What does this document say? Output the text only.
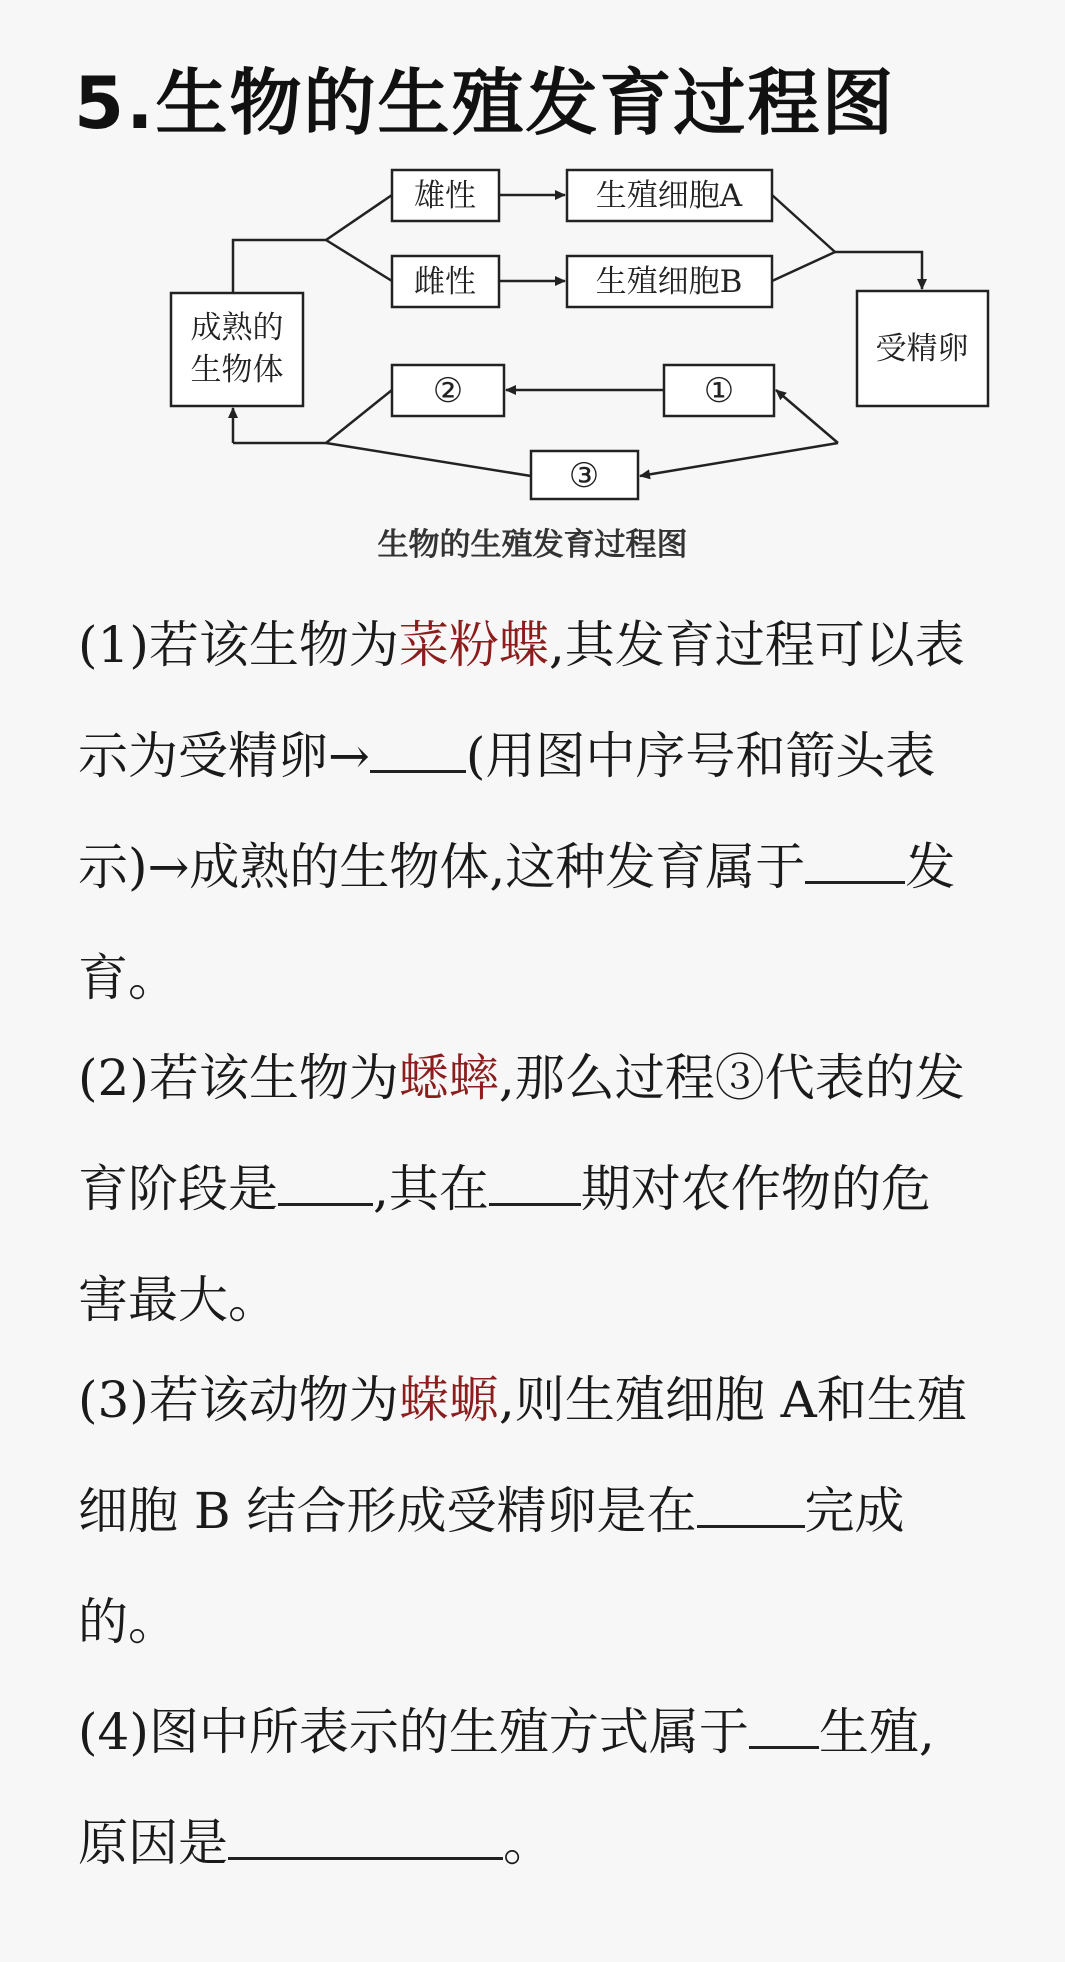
5.生物的生殖发育过程图
成熟的
生物体
雄性
雌性
生殖细胞A
生殖细胞B
受精卵
②	①
③
生物的生殖发育过程图
(1)若该生物为菜粉蝶,其发育过程可以表示为受精卵→ (用图中序号和箭头表示)→成熟的生物体,这种发育属于 发育。
(2)若该生物为蟋蟀,那么过程③代表的发育阶段是 ,其在 期对农作物的危害最大。
(3)若该动物为蝾螈,则生殖细胞 A和生殖细胞 B 结合形成受精卵是在 完成的。
(4)图中所表示的生殖方式属于 生殖,原因是	。
